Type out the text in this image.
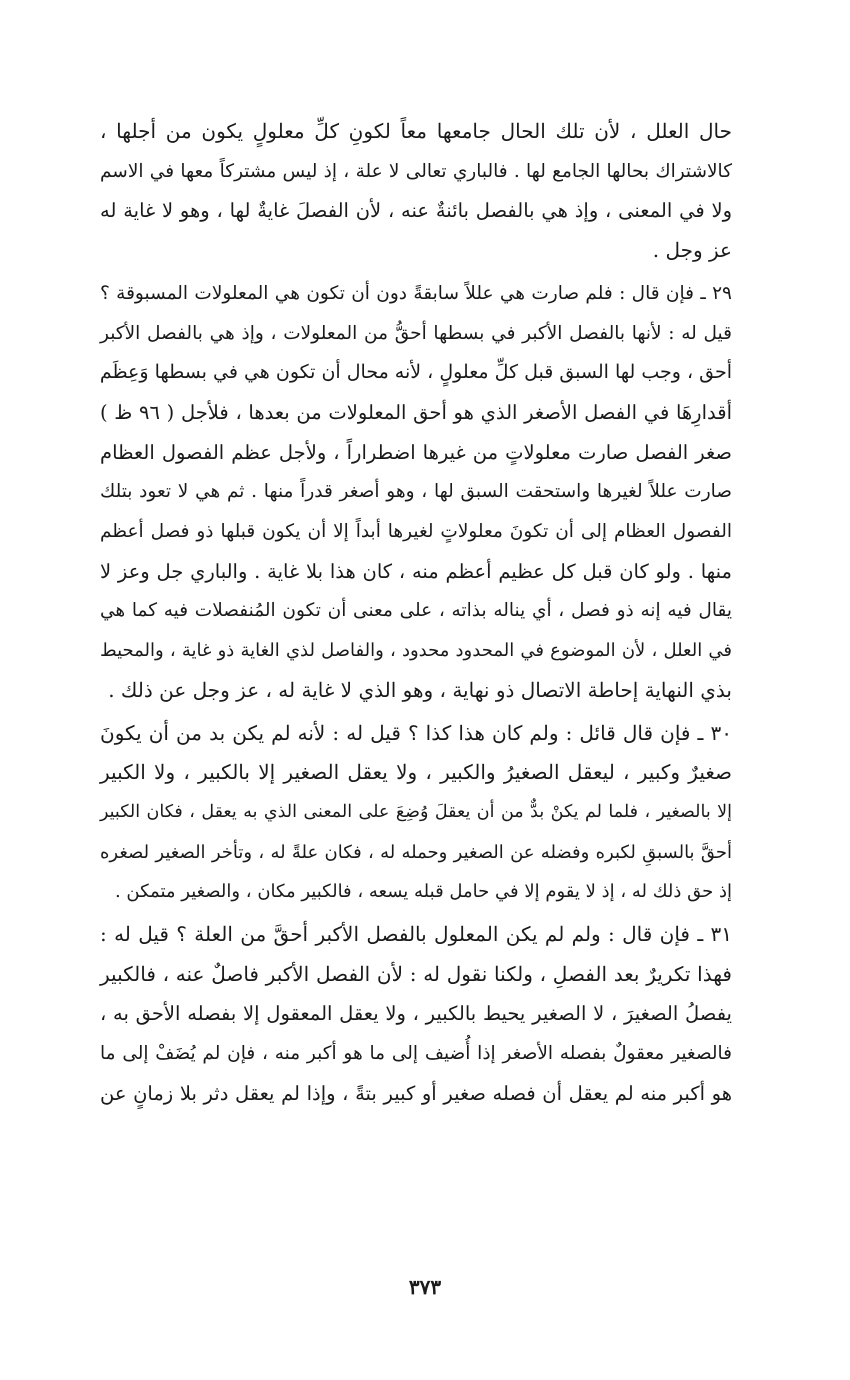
حال العلل ، لأن تلك الحال جامعها معاً لكونِ كلِّ معلولٍ يكون من أجلها ،
كالاشتراك بحالها الجامع لها . فالباري تعالى لا علة ، إذ ليس مشتركاً معها في الاسم
ولا في المعنى ، وإذ هي بالفصل بائنةٌ عنه ، لأن الفصلَ غايةٌ لها ، وهو لا غاية له
عز وجل .

٢٩ ـ فإن قال : فلم صارت هي عللاً سابقةً دون أن تكون هي المعلولات المسبوقة ؟
قيل له : لأنها بالفصل الأكبر في بسطها أحقُّ من المعلولات ، وإذ هي بالفصل الأكبر
أحق ، وجب لها السبق قبل كلِّ معلولٍ ، لأنه محال أن تكون هي في بسطها وَعِظَم
أقدارِهَا في الفصل الأصغر الذي هو أحق المعلولات من بعدها ، فلأجل ( ٩٦ ظ )
صغر الفصل صارت معلولاتٍ من غيرها اضطراراً ، ولأجل عظم الفصول العظام
صارت عللاً لغيرها واستحقت السبق لها ، وهو أصغر قدراً منها . ثم هي لا تعود بتلك
الفصول العظام إلى أن تكونَ معلولاتٍ لغيرها أبداً إلا أن يكون قبلها ذو فصل أعظم
منها . ولو كان قبل كل عظيم أعظم منه ، كان هذا بلا غاية . والباري جل وعز لا
يقال فيه إنه ذو فصل ، أي يناله بذاته ، على معنى أن تكون المُنفصلات فيه كما هي
في العلل ، لأن الموضوع في المحدود محدود ، والفاصل لذي الغاية ذو غاية ، والمحيط
بذي النهاية إحاطة الاتصال ذو نهاية ، وهو الذي لا غاية له ، عز وجل عن ذلك .

٣٠ ـ فإن قال قائل : ولم كان هذا كذا ؟ قيل له : لأنه لم يكن بد من أن يكونَ
صغيرٌ وكبير ، ليعقل الصغيرُ والكبير ، ولا يعقل الصغير إلا بالكبير ، ولا الكبير
إلا بالصغير ، فلما لم يكنْ بدٌّ من أن يعقلَ وُضِعَ على المعنى الذي به يعقل ، فكان الكبير
أحقَّ بالسبقِ لكبره وفضله عن الصغير وحمله له ، فكان علةً له ، وتأخر الصغير لصغره
إذ حق ذلك له ، إذ لا يقوم إلا في حامل قبله يسعه ، فالكبير مكان ، والصغير متمكن .

٣١ ـ فإن قال : ولم لم يكن المعلول بالفصل الأكبر أحقَّ من العلة ؟ قيل له :
فهذا تكريرٌ بعد الفصلِ ، ولكنا نقول له : لأن الفصل الأكبر فاصلٌ عنه ، فالكبير
يفصلُ الصغيرَ ، لا الصغير يحيط بالكبير ، ولا يعقل المعقول إلا بفصله الأحق به ،
فالصغير معقولٌ بفصله الأصغر إذا أُضيف إلى ما هو أكبر منه ، فإن لم يُضَفْ إلى ما
هو أكبر منه لم يعقل أن فصله صغير أو كبير بتةً ، وإذا لم يعقل دثر بلا زمانٍ عن

٣٧٣
